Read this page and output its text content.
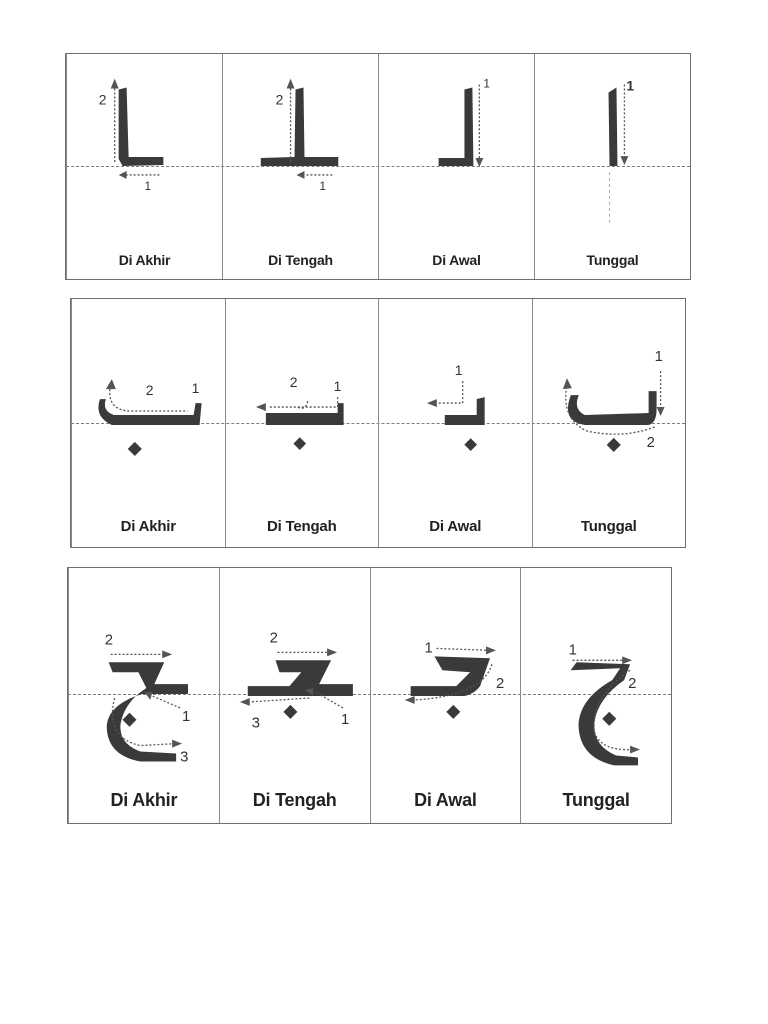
2
1
Di Akhir
2
1
Di Tengah
1
Di Awal
1
Tunggal
2	1
Di Akhir
2	1
Di Tengah
1
Di Awal
1
2
Tunggal
2
1
3
Di Akhir
2
3	1
Di Tengah
1
2
Di Awal
1
2
Tunggal
